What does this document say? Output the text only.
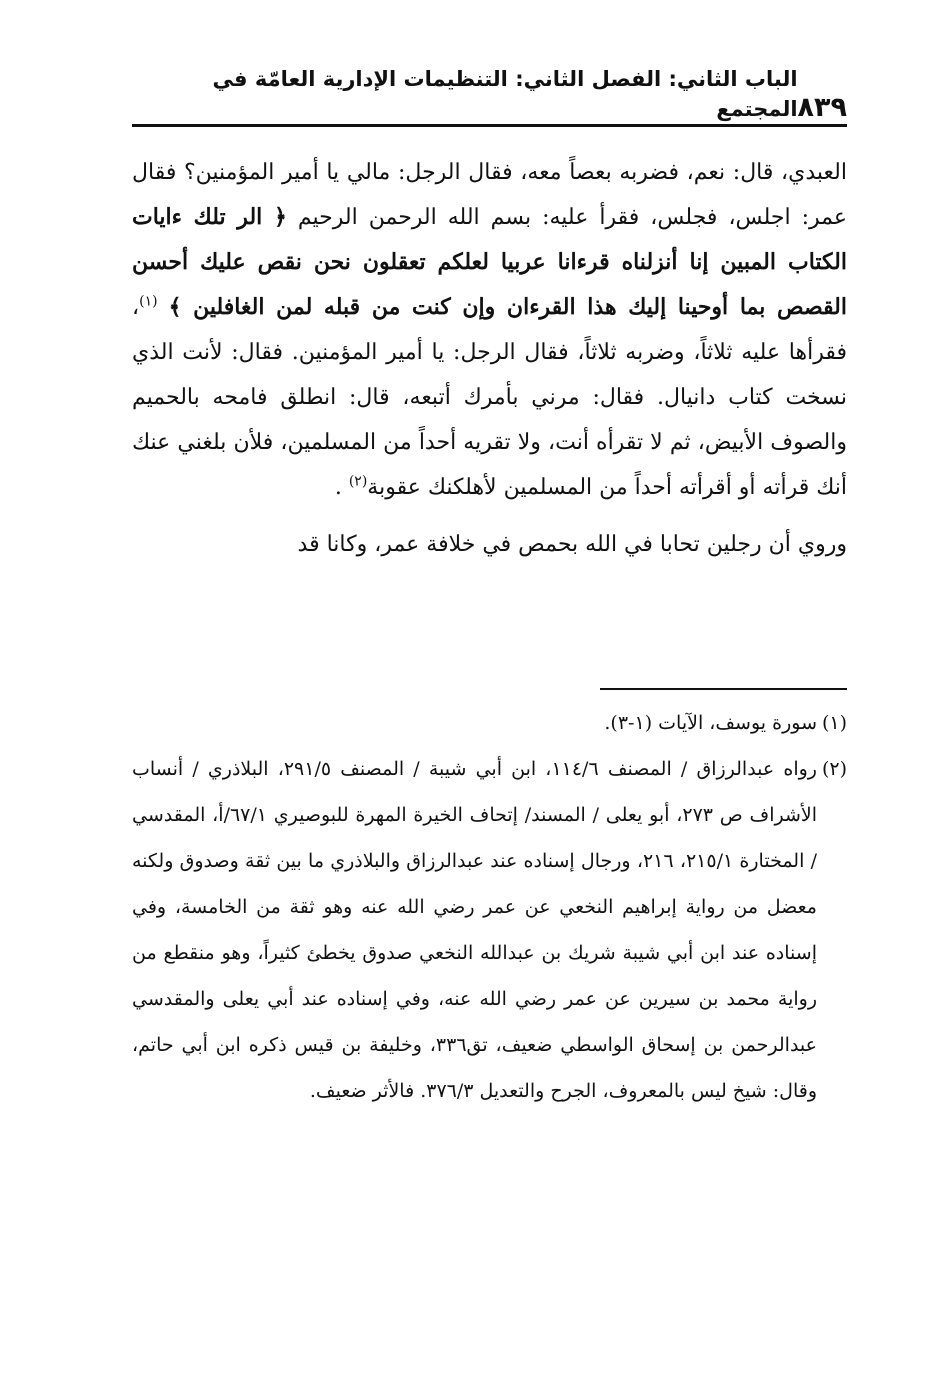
٨٣٩
الباب الثاني: الفصل الثاني: التنظيمات الإدارية العامّة في المجتمع

العبدي، قال: نعم، فضربه بعصاً معه، فقال الرجل: مالي يا أمير المؤمنين؟ فقال عمر: اجلس، فجلس، فقرأ عليه: بسم الله الرحمن الرحيم ﴿ الر تلك ءايات الكتاب المبين إنا أنزلناه قرءانا عربيا لعلكم تعقلون نحن نقص عليك أحسن القصص بما أوحينا إليك هذا القرءان وإن كنت من قبله لمن الغافلين ﴾ $^{(١)}$، فقرأها عليه ثلاثاً، وضربه ثلاثاً، فقال الرجل: يا أمير المؤمنين. فقال: لأنت الذي نسخت كتاب دانيال. فقال: مرني بأمرك أتبعه، قال: انطلق فامحه بالحميم والصوف الأبيض، ثم لا تقرأه أنت، ولا تقريه أحداً من المسلمين، فلأن بلغني عنك أنك قرأته أو أقرأته أحداً من المسلمين لأهلكنك عقوبة$^{(٢)}$ .

وروي أن رجلين تحابا في الله بحمص في خلافة عمر، وكانا قد

(١)
سورة يوسف، الآيات (١-٣).
(٢)
رواه عبدالرزاق / المصنف ١١٤/٦، ابن أبي شيبة / المصنف ٢٩١/٥، البلاذري / أنساب الأشراف ص ٢٧٣، أبو يعلى / المسند/ إتحاف الخيرة المهرة للبوصيري ٦٧/١/أ، المقدسي / المختارة ٢١٥/١، ٢١٦، ورجال إسناده عند عبدالرزاق والبلاذري ما بين ثقة وصدوق ولكنه معضل من رواية إبراهيم النخعي عن عمر رضي الله عنه وهو ثقة من الخامسة، وفي إسناده عند ابن أبي شيبة شريك بن عبدالله النخعي صدوق يخطئ كثيراً، وهو منقطع من رواية محمد بن سيرين عن عمر رضي الله عنه، وفي إسناده عند أبي يعلى والمقدسي عبدالرحمن بن إسحاق الواسطي ضعيف، تق٣٣٦، وخليفة بن قيس ذكره ابن أبي حاتم، وقال: شيخ ليس بالمعروف، الجرح والتعديل ٣٧٦/٣. فالأثر ضعيف.
